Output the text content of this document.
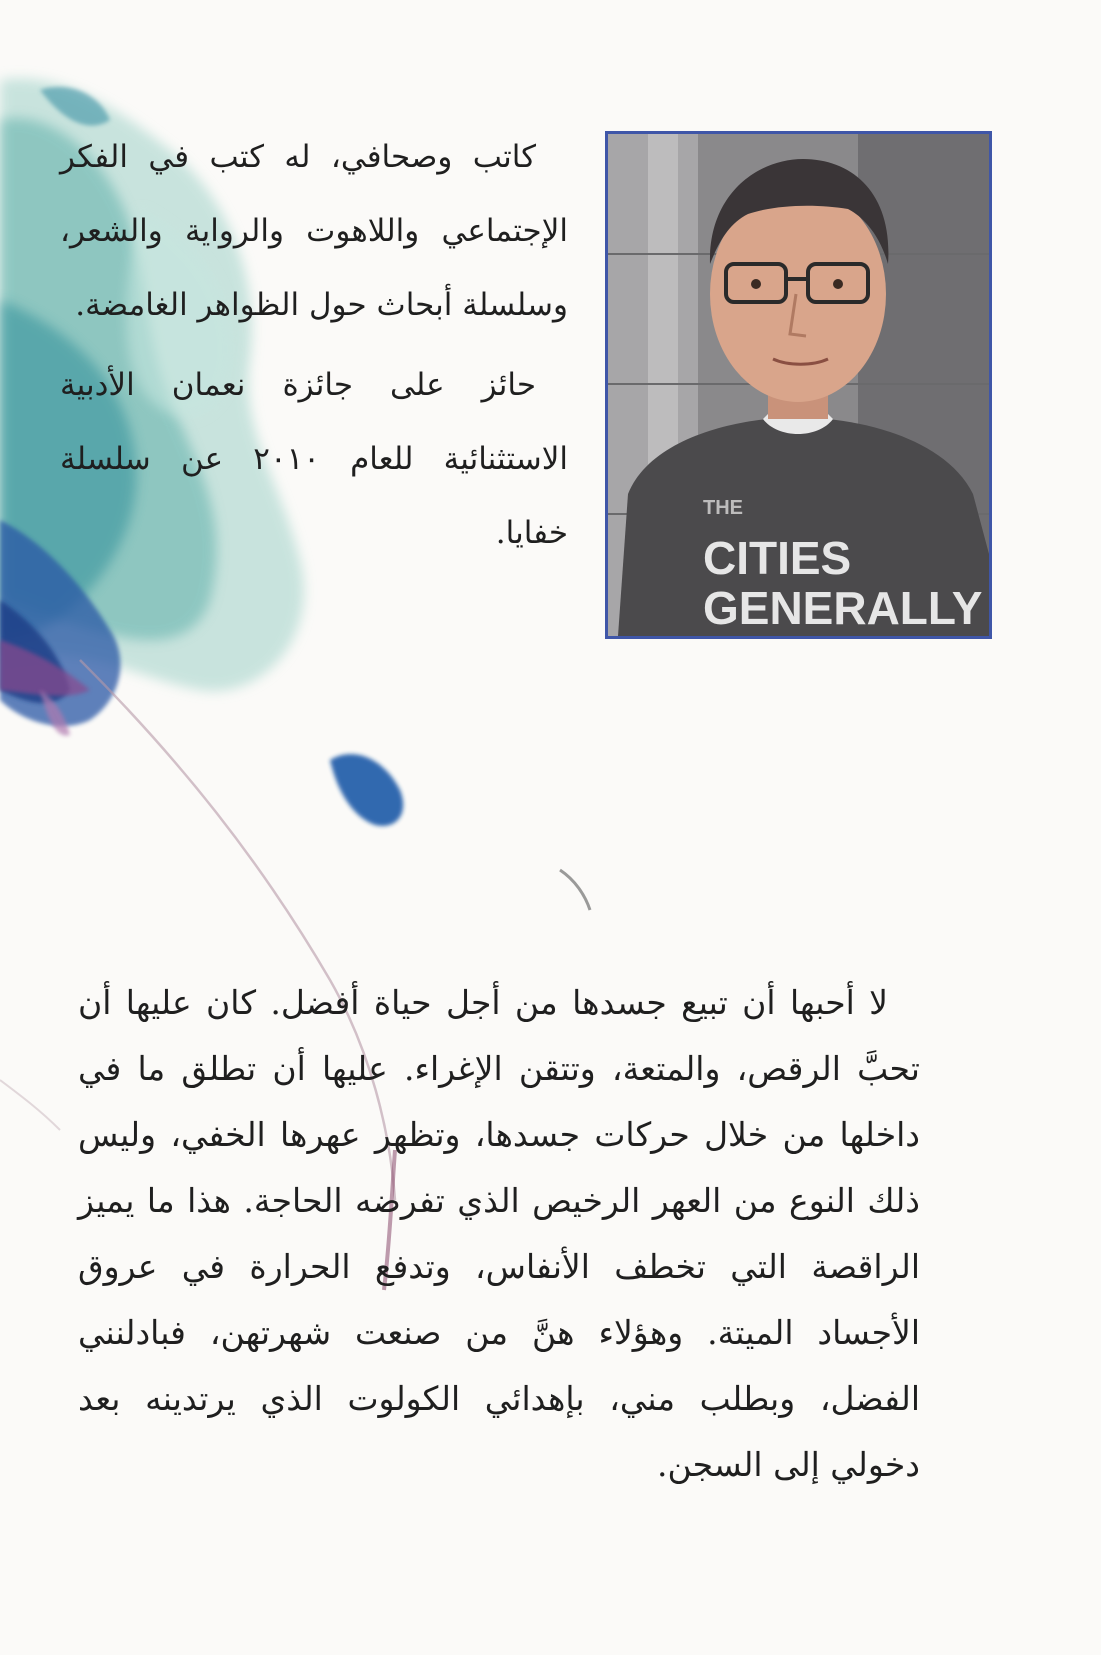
THE
CITIES
GENERALLY

كاتب وصحافي، له كتب في الفكر الإجتماعي واللاهوت والرواية والشعر، وسلسلة أبحاث حول الظواهر الغامضة.

حائز على جائزة نعمان الأدبية الاستثنائية للعام ٢٠١٠ عن سلسلة خفايا.

لا أحبها أن تبيع جسدها من أجل حياة أفضل. كان عليها أن تحبَّ الرقص، والمتعة، وتتقن الإغراء. عليها أن تطلق ما في داخلها من خلال حركات جسدها، وتظهر عهرها الخفي، وليس ذلك النوع من العهر الرخيص الذي تفرضه الحاجة. هذا ما يميز الراقصة التي تخطف الأنفاس، وتدفع الحرارة في عروق الأجساد الميتة. وهؤلاء هنَّ من صنعت شهرتهن، فبادلنني الفضل، وبطلب مني، بإهدائي الكولوت الذي يرتدينه بعد دخولي إلى السجن.
